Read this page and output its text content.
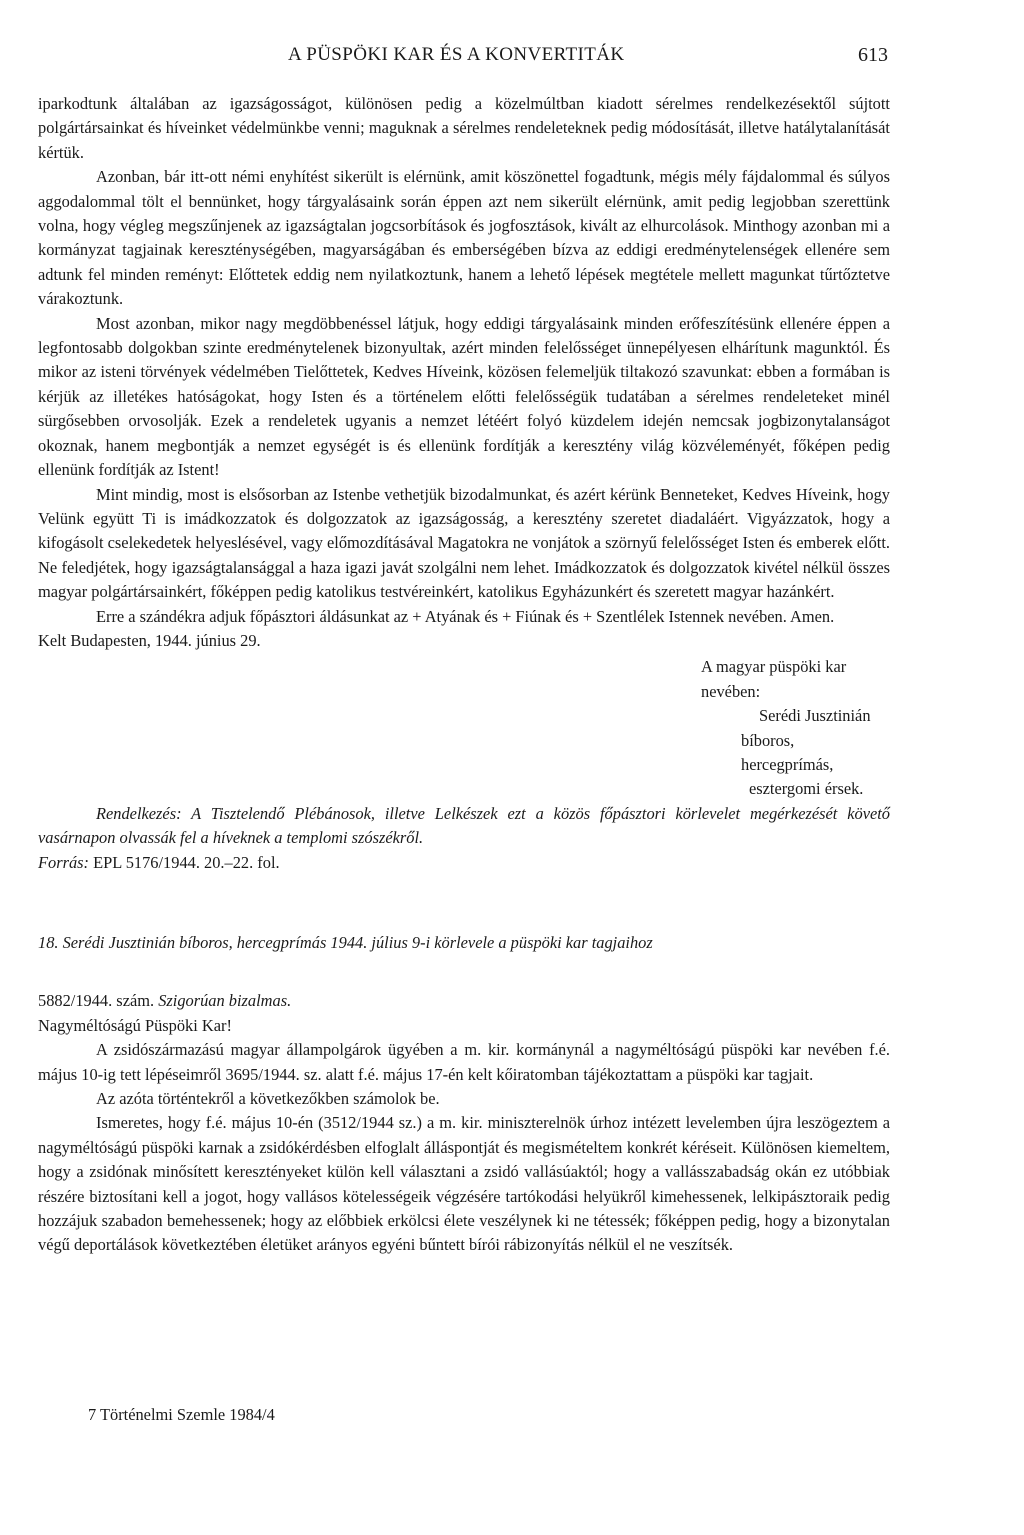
A PÜSPÖKI KAR ÉS A KONVERTITÁK	613

iparkodtunk általában az igazságosságot, különösen pedig a közelmúltban kiadott sérelmes rendelkezésektől sújtott polgártársainkat és híveinket védelmünkbe venni; maguknak a sérelmes rendeleteknek pedig módosítását, illetve hatálytalanítását kértük.

Azonban, bár itt-ott némi enyhítést sikerült is elérnünk, amit köszönettel fogadtunk, mégis mély fájdalommal és súlyos aggodalommal tölt el bennünket, hogy tárgyalásaink során éppen azt nem sikerült elérnünk, amit pedig legjobban szerettünk volna, hogy végleg megszűnjenek az igazságtalan jogcsorbítások és jogfosztások, kivált az elhurcolások. Minthogy azonban mi a kormányzat tagjainak kereszténységében, magyarságában és emberségében bízva az eddigi eredménytelenségek ellenére sem adtunk fel minden reményt: Előttetek eddig nem nyilatkoztunk, hanem a lehető lépések megtétele mellett magunkat tűrtőztetve várakoztunk.

Most azonban, mikor nagy megdöbbenéssel látjuk, hogy eddigi tárgyalásaink minden erőfeszítésünk ellenére éppen a legfontosabb dolgokban szinte eredménytelenek bizonyultak, azért minden felelősséget ünnepélyesen elhárítunk magunktól. És mikor az isteni törvények védelmében Tielőttetek, Kedves Híveink, közösen felemeljük tiltakozó szavunkat: ebben a formában is kérjük az illetékes hatóságokat, hogy Isten és a történelem előtti felelősségük tudatában a sérelmes rendeleteket minél sürgősebben orvosolják. Ezek a rendeletek ugyanis a nemzet létéért folyó küzdelem idején nemcsak jogbizonytalanságot okoznak, hanem megbontják a nemzet egységét is és ellenünk fordítják a keresztény világ közvéleményét, főképen pedig ellenünk fordítják az Istent!

Mint mindig, most is elsősorban az Istenbe vethetjük bizodalmunkat, és azért kérünk Benneteket, Kedves Híveink, hogy Velünk együtt Ti is imádkozzatok és dolgozzatok az igazságosság, a keresztény szeretet diadaláért. Vigyázzatok, hogy a kifogásolt cselekedetek helyeslésével, vagy előmozdításával Magatokra ne vonjátok a szörnyű felelősséget Isten és emberek előtt. Ne feledjétek, hogy igazságtalansággal a haza igazi javát szolgálni nem lehet. Imádkozzatok és dolgozzatok kivétel nélkül összes magyar polgártársainkért, főképpen pedig katolikus testvéreinkért, katolikus Egyházunkért és szeretett magyar hazánkért.

Erre a szándékra adjuk főpásztori áldásunkat az + Atyának és + Fiúnak és + Szentlélek Istennek nevében. Amen.

Kelt Budapesten, 1944. június 29.

A magyar püspöki kar nevében:
Serédi Jusztinián
bíboros, hercegprímás,
esztergomi érsek.

Rendelkezés: A Tisztelendő Plébánosok, illetve Lelkészek ezt a közös főpásztori körlevelet megérkezését követő vasárnapon olvassák fel a híveknek a templomi szószékről.

Forrás: EPL 5176/1944. 20.–22. fol.

18. Serédi Jusztinián bíboros, hercegprímás 1944. július 9-i körlevele a püspöki kar tagjaihoz

5882/1944. szám. Szigorúan bizalmas.

Nagyméltóságú Püspöki Kar!

A zsidószármazású magyar állampolgárok ügyében a m. kir. kormánynál a nagyméltóságú püspöki kar nevében f.é. május 10-ig tett lépéseimről 3695/1944. sz. alatt f.é. május 17-én kelt kőiratomban tájékoztattam a püspöki kar tagjait.

Az azóta történtekről a következőkben számolok be.

Ismeretes, hogy f.é. május 10-én (3512/1944 sz.) a m. kir. miniszterelnök úrhoz intézett levelemben újra leszögeztem a nagyméltóságú püspöki karnak a zsidókérdésben elfoglalt álláspontját és megismételtem konkrét kéréseit. Különösen kiemeltem, hogy a zsidónak minősített keresztényeket külön kell választani a zsidó vallásúaktól; hogy a vallásszabadság okán ez utóbbiak részére biztosítani kell a jogot, hogy vallásos kötelességeik végzésére tartókodási helyükről kimehessenek, lelkipásztoraik pedig hozzájuk szabadon bemehessenek; hogy az előbbiek erkölcsi élete veszélynek ki ne tétessék; főképpen pedig, hogy a bizonytalan végű deportálások következtében életüket arányos egyéni bűntett bírói rábizonyítás nélkül el ne veszítsék.

7 Történelmi Szemle 1984/4
